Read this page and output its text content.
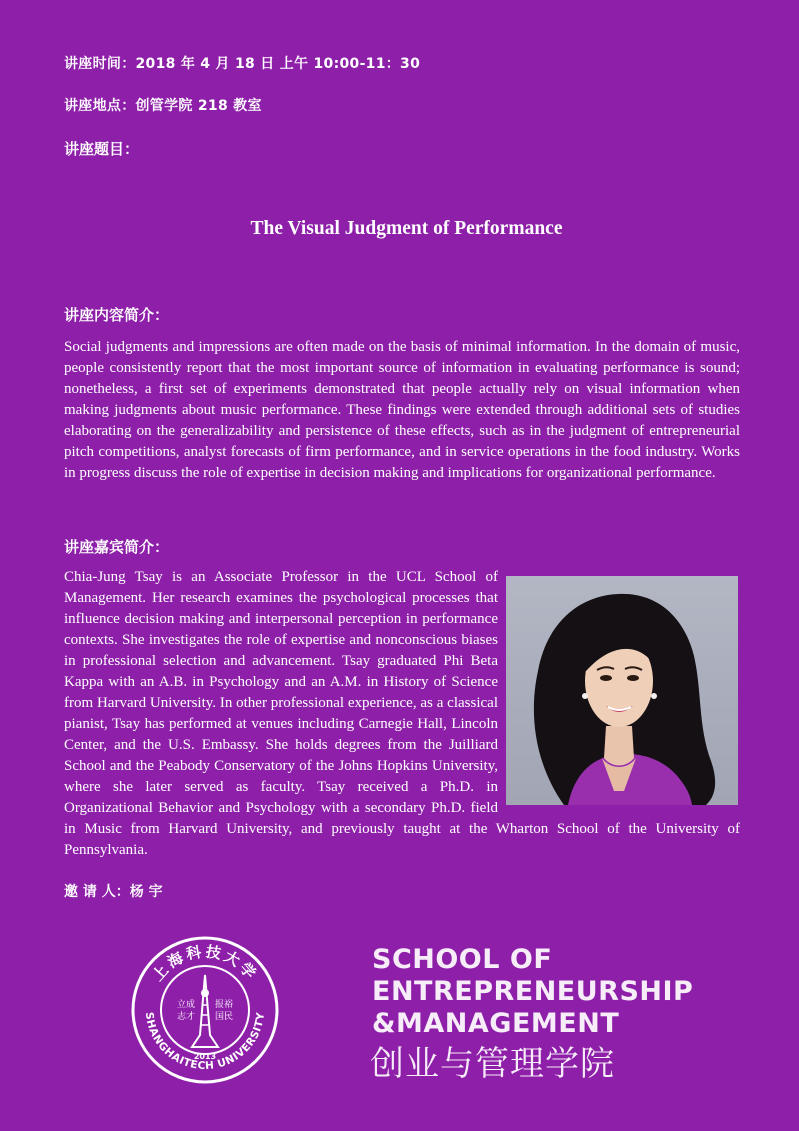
讲座时间：2018 年 4 月 18 日 上午 10:00-11：30
讲座地点：创管学院 218 教室
讲座题目：
The Visual Judgment of Performance
讲座内容简介：
Social judgments and impressions are often made on the basis of minimal information. In the domain of music, people consistently report that the most important source of information in evaluating performance is sound; nonetheless, a first set of experiments demonstrated that people actually rely on visual information when making judgments about music performance. These findings were extended through additional sets of studies elaborating on the generalizability and persistence of these effects, such as in the judgment of entrepreneurial pitch competitions, analyst forecasts of firm performance, and in service operations in the food industry. Works in progress discuss the role of expertise in decision making and implications for organizational performance.
讲座嘉宾简介：
Chia-Jung Tsay is an Associate Professor in the UCL School of Management. Her research examines the psychological processes that influence decision making and interpersonal perception in performance contexts. She investigates the role of expertise and nonconscious biases in professional selection and advancement. Tsay graduated Phi Beta Kappa with an A.B. in Psychology and an A.M. in History of Science from Harvard University. In other professional experience, as a classical pianist, Tsay has performed at venues including Carnegie Hall, Lincoln Center, and the U.S. Embassy. She holds degrees from the Juilliard School and the Peabody Conservatory of the Johns Hopkins University, where she later served as faculty. Tsay received a Ph.D. in Organizational Behavior and Psychology with a secondary Ph.D. field in Music from Harvard University, and previously taught at the Wharton School of the University of Pennsylvania.
邀 请 人：杨 宇
上海科技大学
SHANGHAITECH UNIVERSITY
立成
志才
报裕
国民
2013
SCHOOL OF
ENTREPRENEURSHIP
&MANAGEMENT
创业与管理学院
